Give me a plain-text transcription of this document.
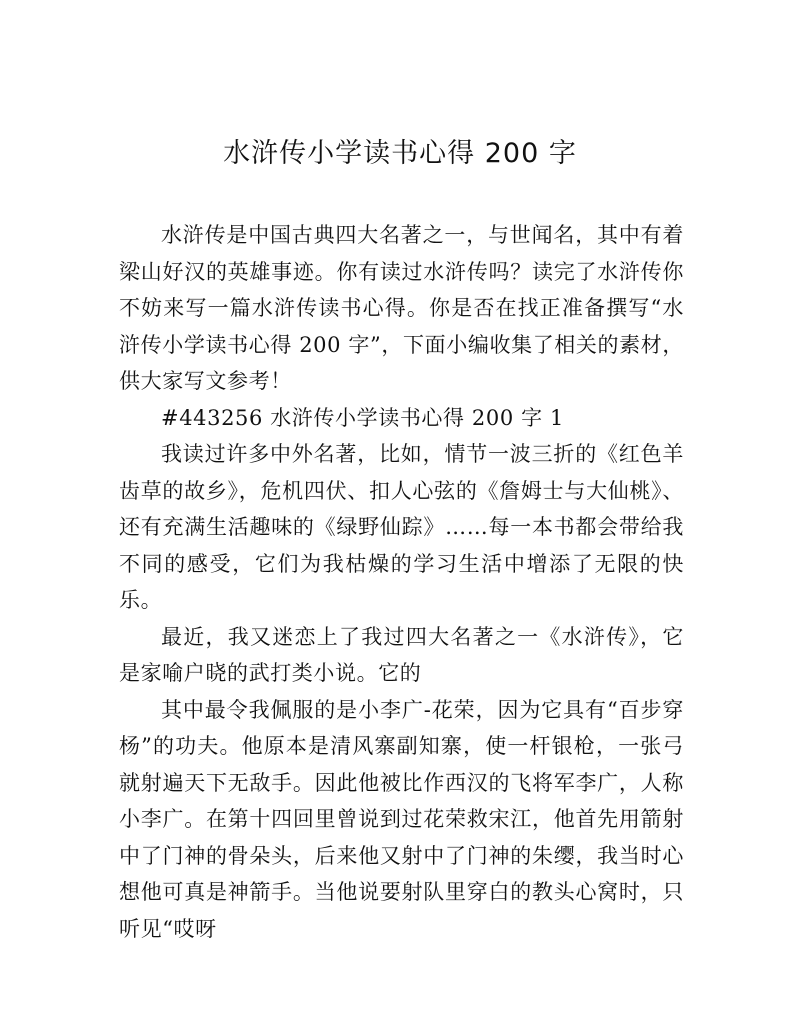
水浒传小学读书心得 200 字

水浒传是中国古典四大名著之一，与世闻名，其中有着梁山好汉的英雄事迹。你有读过水浒传吗？读完了水浒传你不妨来写一篇水浒传读书心得。你是否在找正准备撰写“水浒传小学读书心得 200 字”，下面小编收集了相关的素材，供大家写文参考！

#443256 水浒传小学读书心得 200 字 1

我读过许多中外名著，比如，情节一波三折的《红色羊齿草的故乡》，危机四伏、扣人心弦的《詹姆士与大仙桃》、还有充满生活趣味的《绿野仙踪》……每一本书都会带给我不同的感受，它们为我枯燥的学习生活中增添了无限的快乐。

最近，我又迷恋上了我过四大名著之一《水浒传》，它是家喻户晓的武打类小说。它的

其中最令我佩服的是小李广-花荣，因为它具有“百步穿杨”的功夫。他原本是清风寨副知寨，使一杆银枪，一张弓就射遍天下无敌手。因此他被比作西汉的飞将军李广，人称小李广。在第十四回里曾说到过花荣救宋江，他首先用箭射中了门神的骨朵头，后来他又射中了门神的朱缨，我当时心想他可真是神箭手。当他说要射队里穿白的教头心窝时，只听见“哎呀
